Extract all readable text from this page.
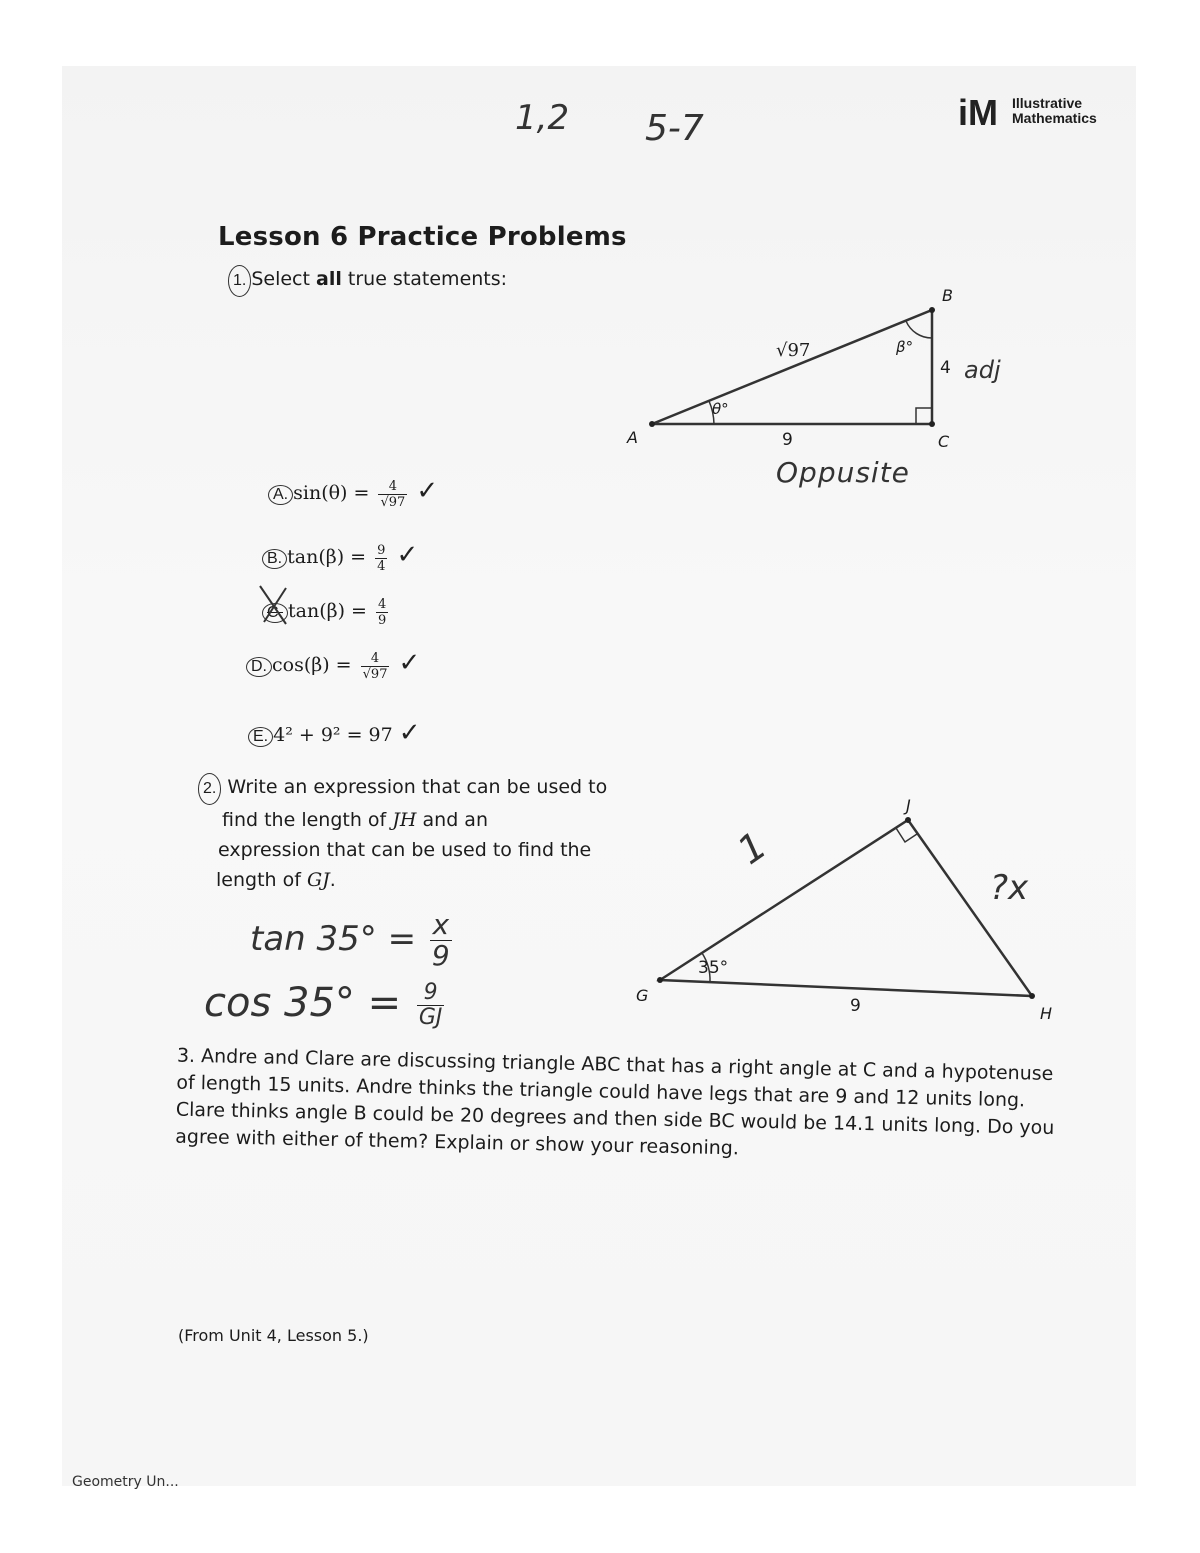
1,2 5-7	iM Illustrative
Mathematics
Lesson 6 Practice Problems
1. Select all true statements:
A
B
C
√97
9
4
θ°
β°
adj
Oppusite
A. $\sin(\theta) = \frac{4}{√97}$ ✓
B. $\tan(\beta) = \frac{9}{4}$ ✓
C. $\tan(\beta) = \frac{4}{9}$
D. $\cos(\beta) = \frac{4}{√97}$ ✓
E. 4² + 9² = 97 ✓
2. Write an expression that can be used to
find the length of JH and an
expression that can be used to find the
length of GJ.
$\tan 35^\circ = \frac{x}{9}$
$\cos 35^\circ = \frac{9}{GJ}$	G
J
H
35°
9
?x
1
3. Andre and Clare are discussing triangle ABC that has a right angle at C and a hypotenuse of length 15 units. Andre thinks the triangle could have legs that are 9 and 12 units long. Clare thinks angle B could be 20 degrees and then side BC would be 14.1 units long. Do you agree with either of them? Explain or show your reasoning.
(From Unit 4, Lesson 5.)
Geometry Un...
